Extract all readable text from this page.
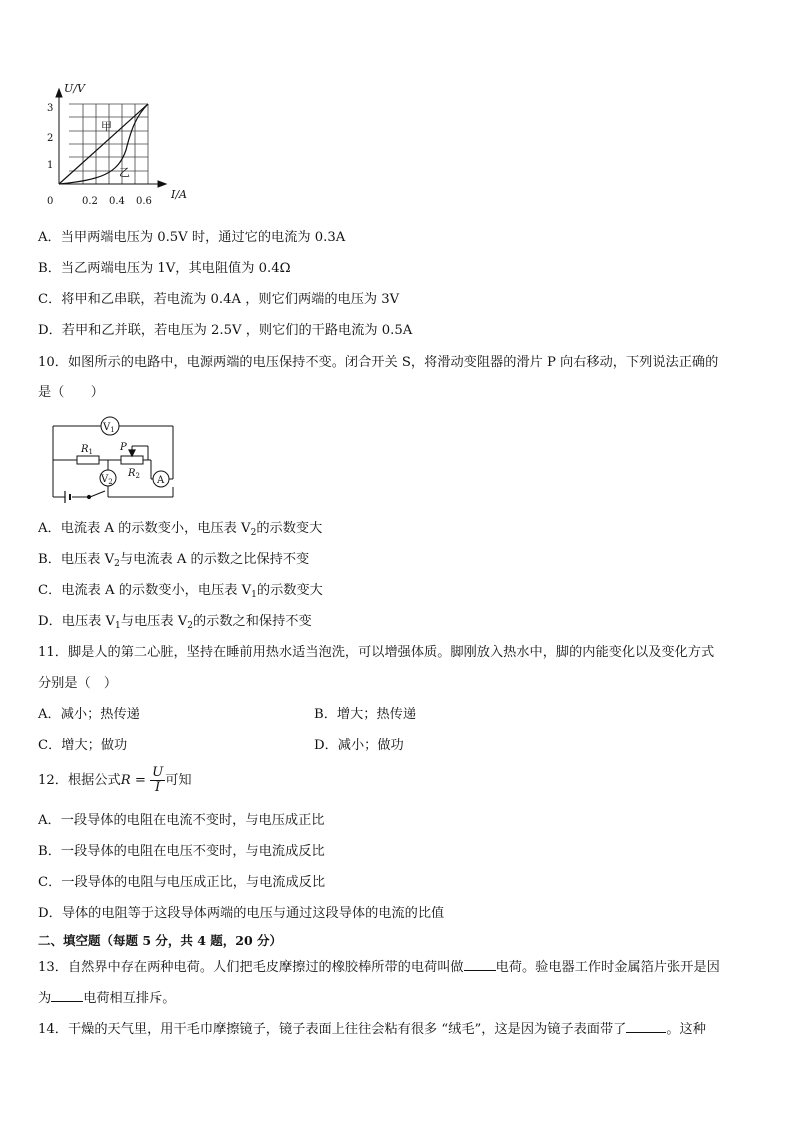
U/V
I/A
0
1
2
3
0.2 0.4 0.6
甲
乙
A．当甲两端电压为 0.5V 时，通过它的电流为 0.3A
B．当乙两端电压为 1V，其电阻值为 0.4Ω
C．将甲和乙串联，若电流为 0.4A ，则它们两端的电压为 3V
D．若甲和乙并联，若电压为 2.5V ，则它们的干路电流为 0.5A
10．如图所示的电路中，电源两端的电压保持不变。闭合开关 S，将滑动变阻器的滑片 P 向右移动，下列说法正确的
是（　　）
$V_1$
$R_1$	P
$R_2$
$V_2$	A
A．电流表 A 的示数变小，电压表 $V_2$的示数变大
B．电压表 $V_2$与电流表 A 的示数之比保持不变
C．电流表 A 的示数变小，电压表 $V_1$的示数变大
D．电压表 $V_1$与电压表 $V_2$的示数之和保持不变
11．脚是人的第二心脏，坚持在睡前用热水适当泡洗，可以增强体质。脚刚放入热水中，脚的内能变化以及变化方式
分别是（　）
A．减小；热传递	B．增大；热传递
C．增大；做功	D．减小；做功
12．根据公式$R = \frac{U}{I}$ 可知
A．一段导体的电阻在电流不变时，与电压成正比
B．一段导体的电阻在电压不变时，与电流成反比
C．一段导体的电阻与电压成正比，与电流成反比
D．导体的电阻等于这段导体两端的电压与通过这段导体的电流的比值
二、填空题（每题 5 分，共 4 题，20 分）
13．自然界中存在两种电荷。人们把毛皮摩擦过的橡胶棒所带的电荷叫做 电荷。验电器工作时金属箔片张开是因
为 电荷相互排斥。
14．干燥的天气里，用干毛巾摩擦镜子，镜子表面上往往会粘有很多 “绒毛”，这是因为镜子表面带了	。这种
